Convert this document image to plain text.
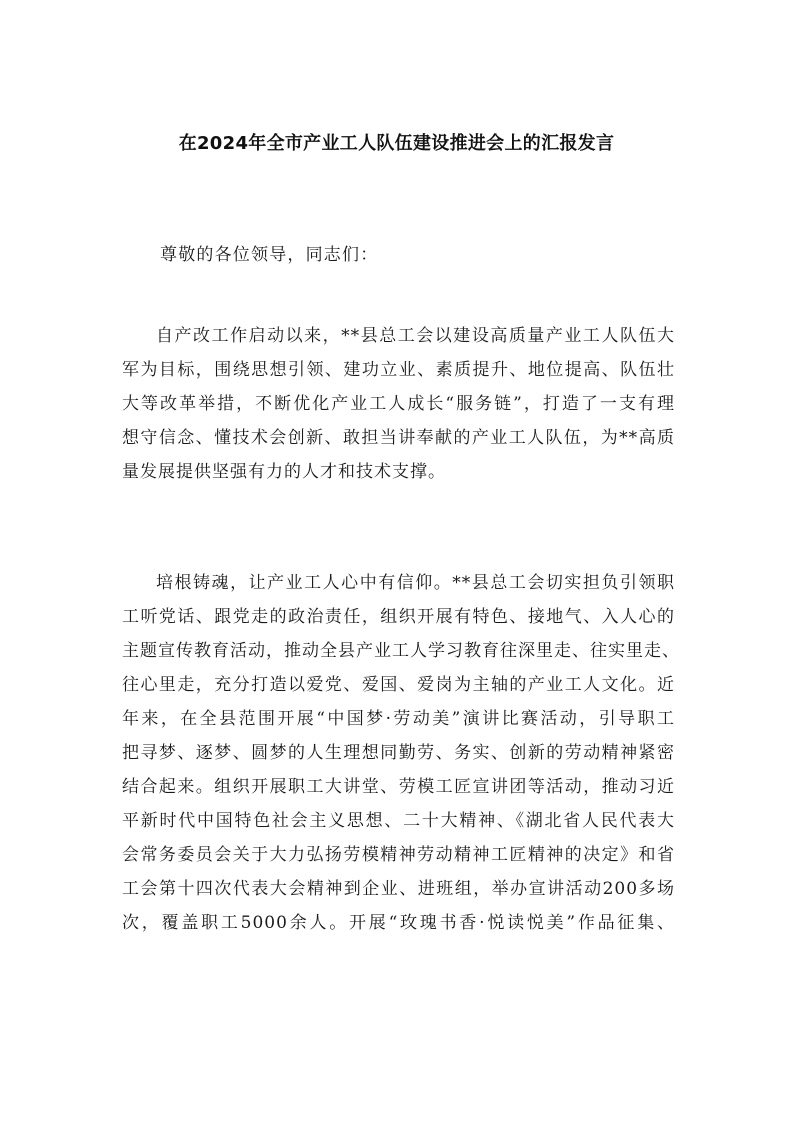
在2024年全市产业工人队伍建设推进会上的汇报发言
尊敬的各位领导，同志们：
自产改工作启动以来，**县总工会以建设高质量产业工人队伍大
军为目标，围绕思想引领、建功立业、素质提升、地位提高、队伍壮
大等改革举措，不断优化产业工人成长“服务链”，打造了一支有理
想守信念、懂技术会创新、敢担当讲奉献的产业工人队伍，为**高质
量发展提供坚强有力的人才和技术支撑。
培根铸魂，让产业工人心中有信仰。**县总工会切实担负引领职
工听党话、跟党走的政治责任，组织开展有特色、接地气、入人心的
主题宣传教育活动，推动全县产业工人学习教育往深里走、往实里走、
往心里走，充分打造以爱党、爱国、爱岗为主轴的产业工人文化。近
年来，在全县范围开展“中国梦·劳动美”演讲比赛活动，引导职工
把寻梦、逐梦、圆梦的人生理想同勤劳、务实、创新的劳动精神紧密
结合起来。组织开展职工大讲堂、劳模工匠宣讲团等活动，推动习近
平新时代中国特色社会主义思想、二十大精神、《湖北省人民代表大
会常务委员会关于大力弘扬劳模精神劳动精神工匠精神的决定》和省
工会第十四次代表大会精神到企业、进班组，举办宣讲活动200多场
次，覆盖职工5000余人。开展“玫瑰书香·悦读悦美”作品征集、
